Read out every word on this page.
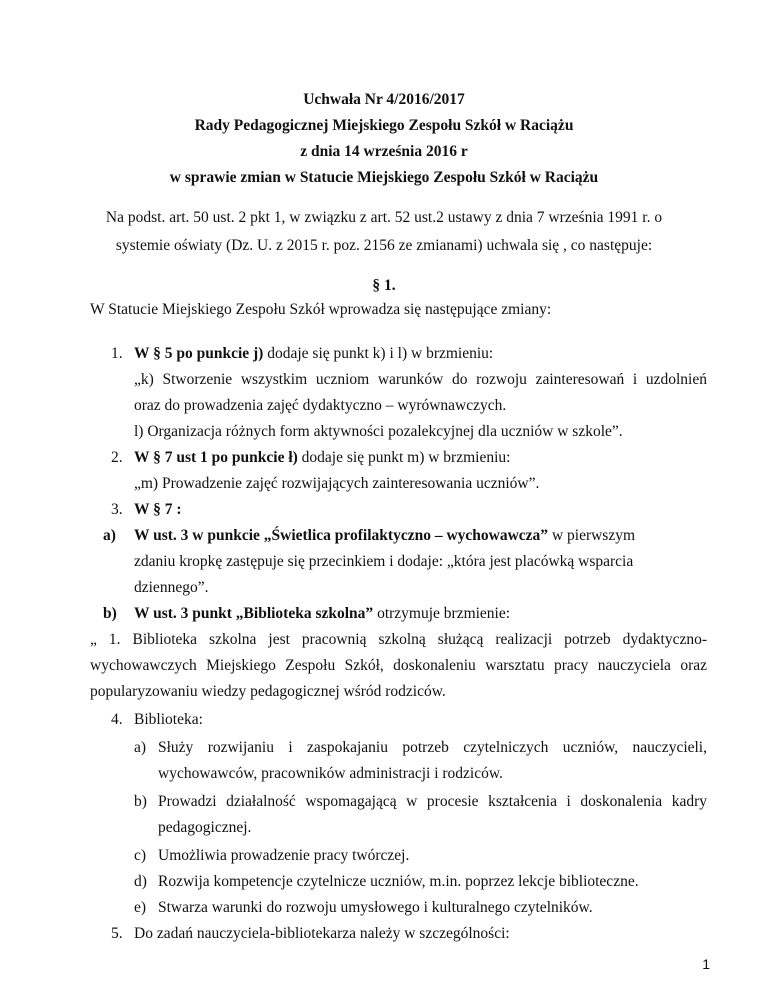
Uchwała Nr 4/2016/2017
Rady Pedagogicznej Miejskiego Zespołu Szkół w Raciążu
z dnia 14 września 2016 r
w sprawie zmian w Statucie Miejskiego Zespołu Szkół w Raciążu
Na podst. art. 50 ust. 2 pkt 1, w związku z art. 52 ust.2 ustawy z dnia 7 września 1991 r. o
systemie oświaty (Dz. U. z 2015 r. poz. 2156 ze zmianami) uchwala się , co następuje:
§ 1.
W Statucie Miejskiego Zespołu Szkół wprowadza się następujące zmiany:
1. W § 5 po punkcie j) dodaje się punkt k) i l) w brzmieniu:
„k) Stworzenie wszystkim uczniom warunków do rozwoju zainteresowań i uzdolnień
oraz do prowadzenia zajęć dydaktyczno – wyrównawczych.
l) Organizacja różnych form aktywności pozalekcyjnej dla uczniów w szkole”.
2. W § 7 ust 1 po punkcie ł) dodaje się punkt m) w brzmieniu:
„m) Prowadzenie zajęć rozwijających zainteresowania uczniów”.
3. W § 7 :
a) W ust. 3 w punkcie „Świetlica profilaktyczno – wychowawcza” w pierwszym
zdaniu kropkę zastępuje się przecinkiem i dodaje: „która jest placówką wsparcia
dziennego”.
b) W ust. 3 punkt „Biblioteka szkolna” otrzymuje brzmienie:
„ 1. Biblioteka szkolna jest pracownią szkolną służącą realizacji potrzeb dydaktyczno-
wychowawczych Miejskiego Zespołu Szkół, doskonaleniu warsztatu pracy nauczyciela oraz
popularyzowaniu wiedzy pedagogicznej wśród rodziców.
4. Biblioteka:
a) Służy rozwijaniu i zaspokajaniu potrzeb czytelniczych uczniów, nauczycieli,
wychowawców, pracowników administracji i rodziców.
b) Prowadzi działalność wspomagającą w procesie kształcenia i doskonalenia kadry
pedagogicznej.
1
c) Umożliwia prowadzenie pracy twórczej.
d) Rozwija kompetencje czytelnicze uczniów, m.in. poprzez lekcje biblioteczne.
e) Stwarza warunki do rozwoju umysłowego i kulturalnego czytelników.
5. Do zadań nauczyciela-bibliotekarza należy w szczególności:
